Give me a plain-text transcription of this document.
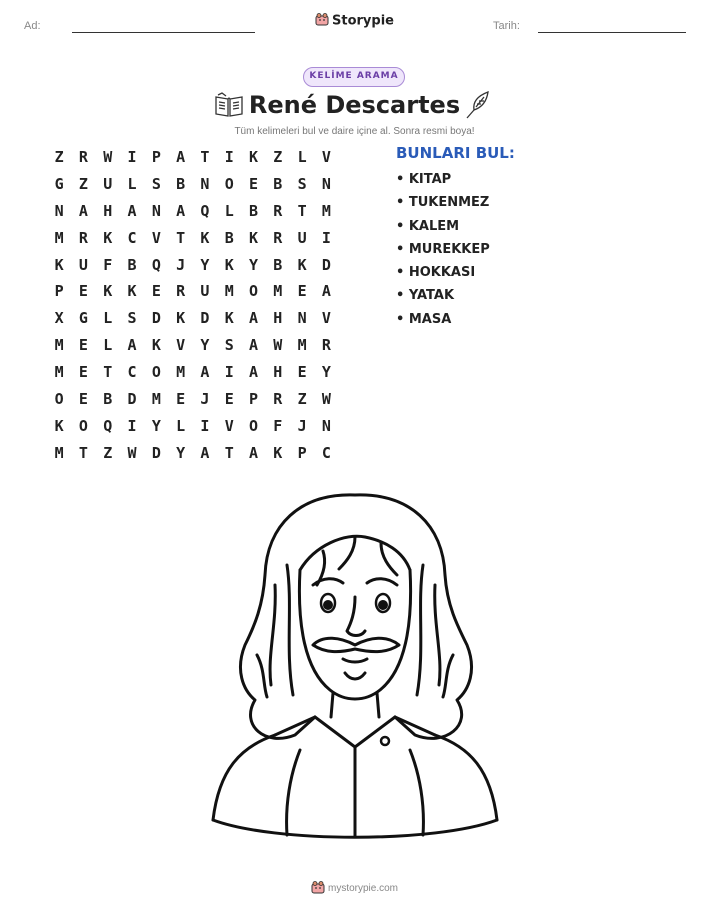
Ad:	Storypie	Tarih:
KELİME ARAMA
René Descartes
Tüm kelimeleri bul ve daire içine al. Sonra resmi boya!
Z	R	W	I	P	A	T	I	K	Z	L	V
G	Z	U	L	S	B	N	O	E	B	S	N
N	A	H	A	N	A	Q	L	B	R	T	M
M	R	K	C	V	T	K	B	K	R	U	I
K	U	F	B	Q	J	Y	K	Y	B	K	D
P	E	K	K	E	R	U	M	O	M	E	A
X	G	L	S	D	K	D	K	A	H	N	V
M	E	L	A	K	V	Y	S	A	W	M	R
M	E	T	C	O	M	A	I	A	H	E	Y
O	E	B	D	M	E	J	E	P	R	Z	W
K	O	Q	I	Y	L	I	V	O	F	J	N
M	T	Z	W	D	Y	A	T	A	K	P	C
BUNLARI BUL:
• KITAP
• TUKENMEZ
• KALEM
• MUREKKEP
• HOKKASI
• YATAK
• MASA
mystorypie.com
